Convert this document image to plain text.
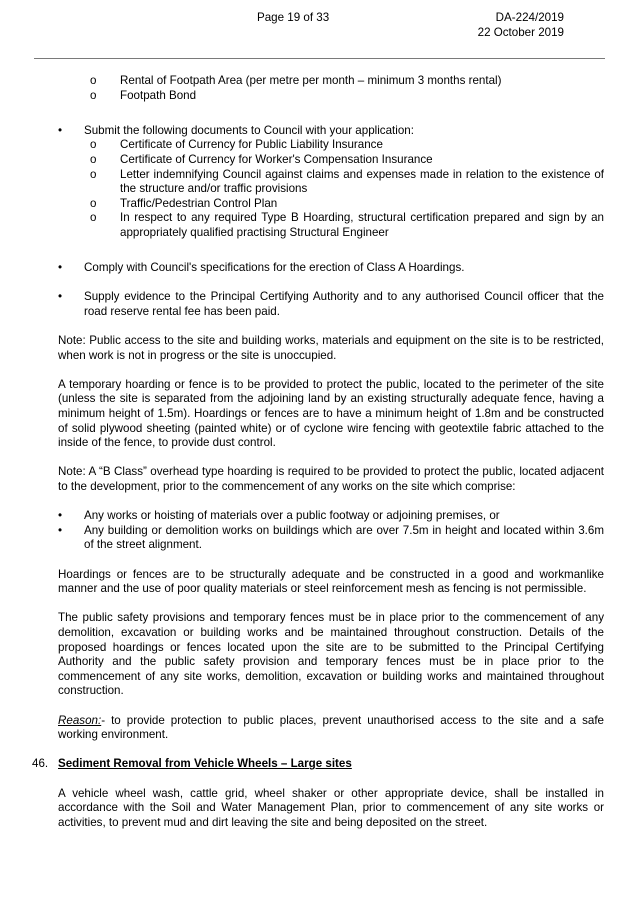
Page 19 of 33	DA-224/2019
22 October 2019
o Rental of Footpath Area (per metre per month – minimum 3 months rental)
o Footpath Bond
• Submit the following documents to Council with your application:
o Certificate of Currency for Public Liability Insurance
o Certificate of Currency for Worker's Compensation Insurance
o Letter indemnifying Council against claims and expenses made in relation to the existence of the structure and/or traffic provisions
o Traffic/Pedestrian Control Plan
o In respect to any required Type B Hoarding, structural certification prepared and sign by an appropriately qualified practising Structural Engineer
• Comply with Council's specifications for the erection of Class A Hoardings.
• Supply evidence to the Principal Certifying Authority and to any authorised Council officer that the road reserve rental fee has been paid.

Note: Public access to the site and building works, materials and equipment on the site is to be restricted, when work is not in progress or the site is unoccupied.

A temporary hoarding or fence is to be provided to protect the public, located to the perimeter of the site (unless the site is separated from the adjoining land by an existing structurally adequate fence, having a minimum height of 1.5m). Hoardings or fences are to have a minimum height of 1.8m and be constructed of solid plywood sheeting (painted white) or of cyclone wire fencing with geotextile fabric attached to the inside of the fence, to provide dust control.

Note: A “B Class” overhead type hoarding is required to be provided to protect the public, located adjacent to the development, prior to the commencement of any works on the site which comprise:

• Any works or hoisting of materials over a public footway or adjoining premises, or
• Any building or demolition works on buildings which are over 7.5m in height and located within 3.6m of the street alignment.

Hoardings or fences are to be structurally adequate and be constructed in a good and workmanlike manner and the use of poor quality materials or steel reinforcement mesh as fencing is not permissible.

The public safety provisions and temporary fences must be in place prior to the commencement of any demolition, excavation or building works and be maintained throughout construction. Details of the proposed hoardings or fences located upon the site are to be submitted to the Principal Certifying Authority and the public safety provision and temporary fences must be in place prior to the commencement of any site works, demolition, excavation or building works and maintained throughout construction.

Reason:- to provide protection to public places, prevent unauthorised access to the site and a safe working environment.

46. Sediment Removal from Vehicle Wheels – Large sites

A vehicle wheel wash, cattle grid, wheel shaker or other appropriate device, shall be installed in accordance with the Soil and Water Management Plan, prior to commencement of any site works or activities, to prevent mud and dirt leaving the site and being deposited on the street.
